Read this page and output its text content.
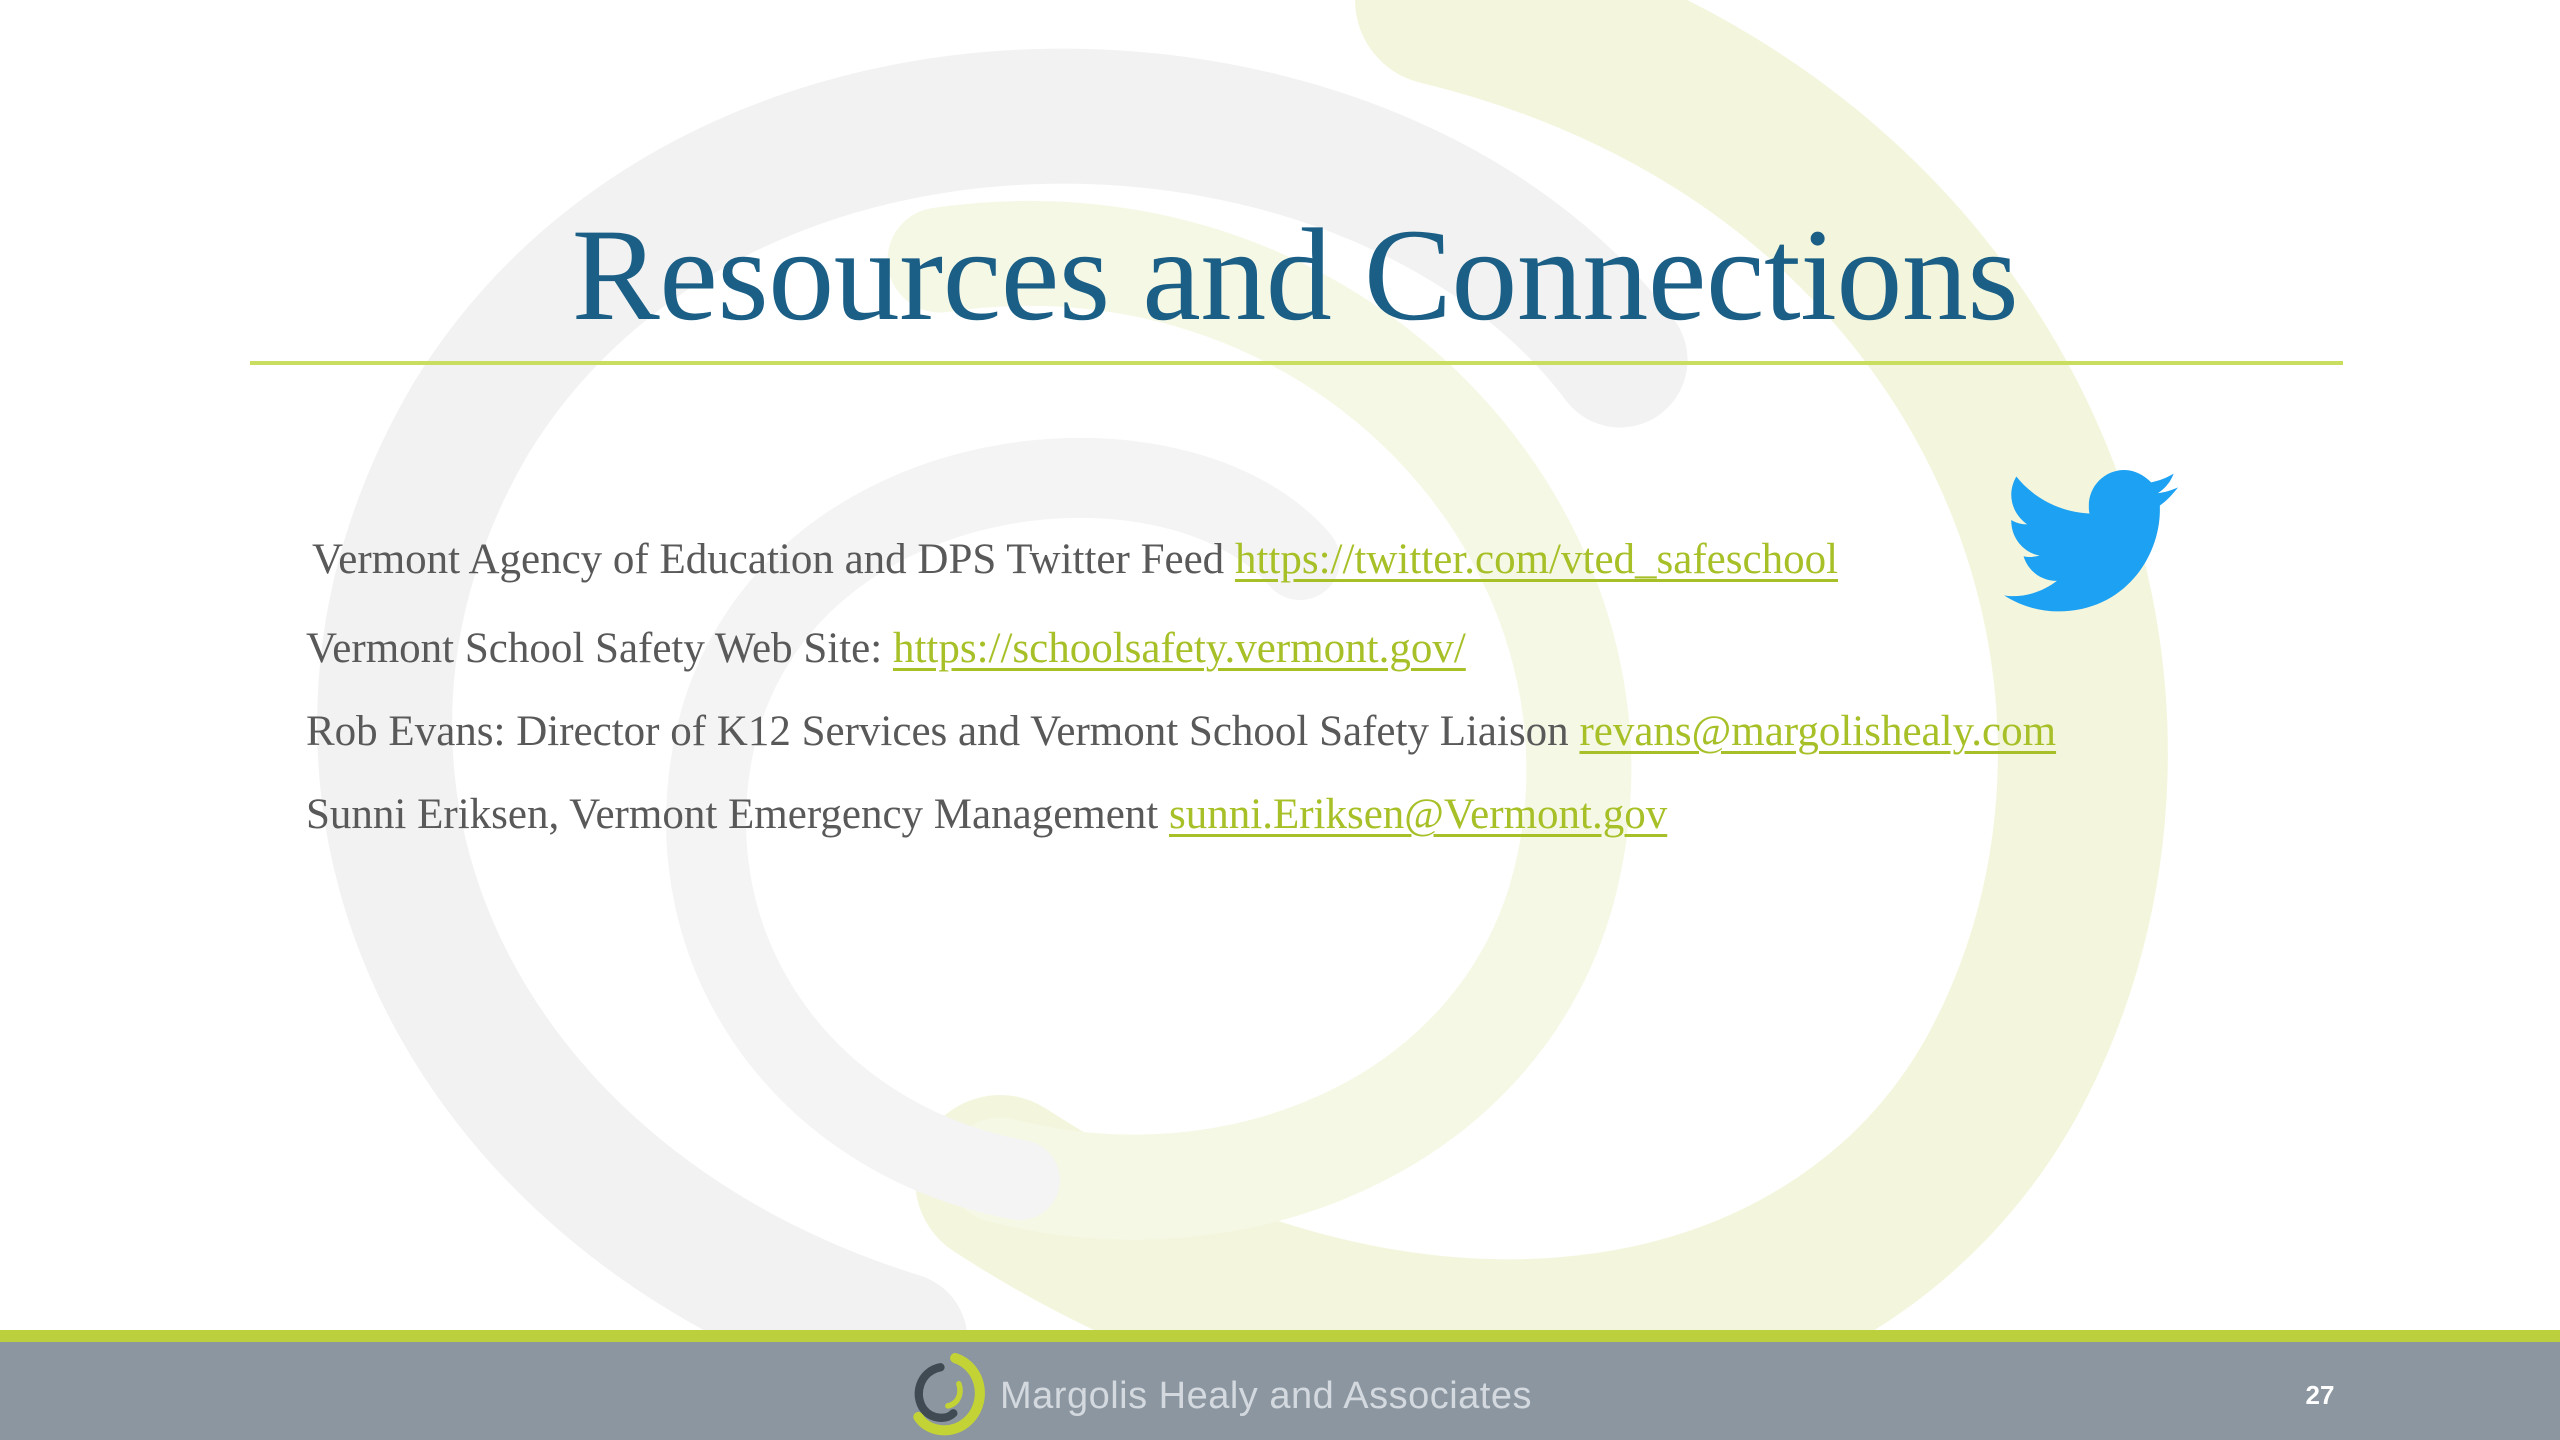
Resources and Connections
Vermont Agency of Education and DPS Twitter Feed https://twitter.com/vted_safeschool
Vermont School Safety Web Site: https://schoolsafety.vermont.gov/
Rob Evans: Director of K12 Services and Vermont School Safety Liaison revans@margolishealy.com
Sunni Eriksen, Vermont Emergency Management sunni.Eriksen@Vermont.gov
Margolis Healy and Associates	27
